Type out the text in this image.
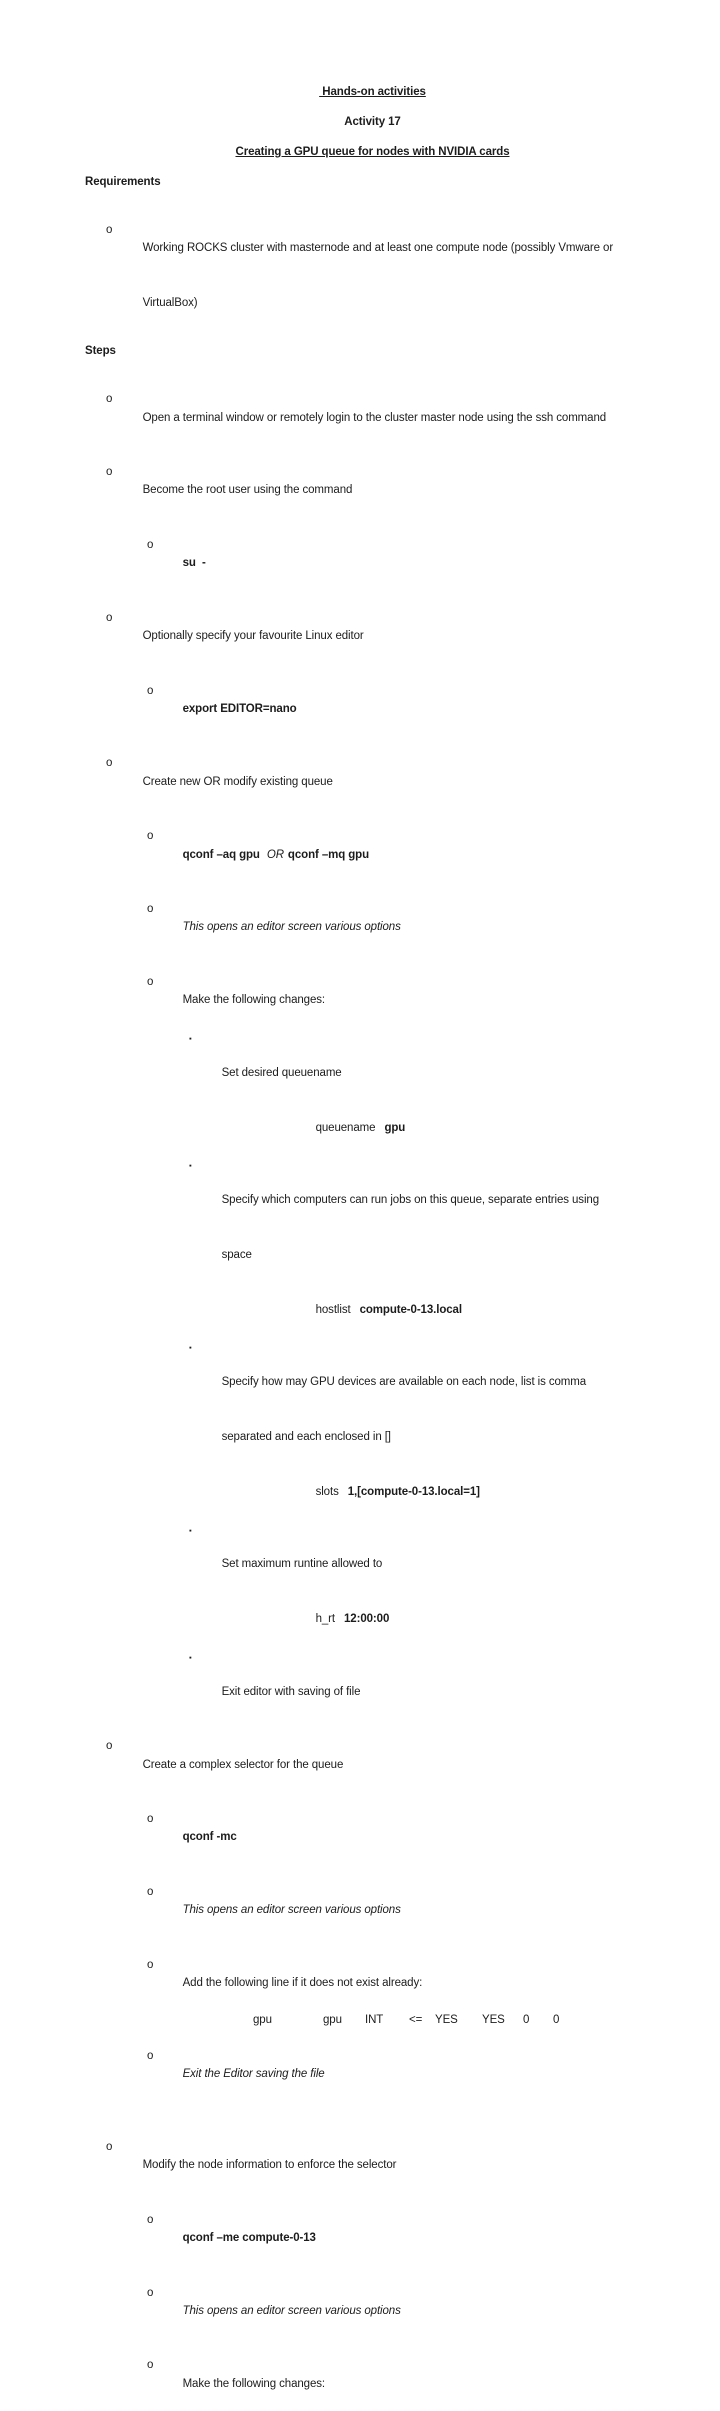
Hands-on activities
Activity 17
Creating a GPU queue for nodes with NVIDIA cards
Requirements

o

Working ROCKS cluster with masternode and at least one compute node (possibly Vmware or

VirtualBox)

Steps

o

Open a terminal window or remotely login to the cluster master node using the ssh command

o

Become the root user using the command

o

su  -

o

Optionally specify your favourite Linux editor

o

export EDITOR=nano

o

Create new OR modify existing queue

o

qconf –aq gpu OR qconf –mq gpu

o

This opens an editor screen various options

o

Make the following changes:

▪

Set desired queuename

queuename gpu

▪

Specify which computers can run jobs on this queue, separate entries using

space

hostlist compute-0-13.local

▪

Specify how may GPU devices are available on each node, list is comma

separated and each enclosed in []

slots 1,[compute-0-13.local=1]

▪

Set maximum runtine allowed to

h_rt 12:00:00

▪

Exit editor with saving of file

o

Create a complex selector for the queue

o

qconf -mc

o

This opens an editor screen various options

o

Add the following line if it does not exist already:

gpu

	gpu

INT

<=

YES

YES

0

0

o

Exit the Editor saving the file

o

Modify the node information to enforce the selector

o

qconf –me compute-0-13

o

This opens an editor screen various options

o

Make the following changes:
